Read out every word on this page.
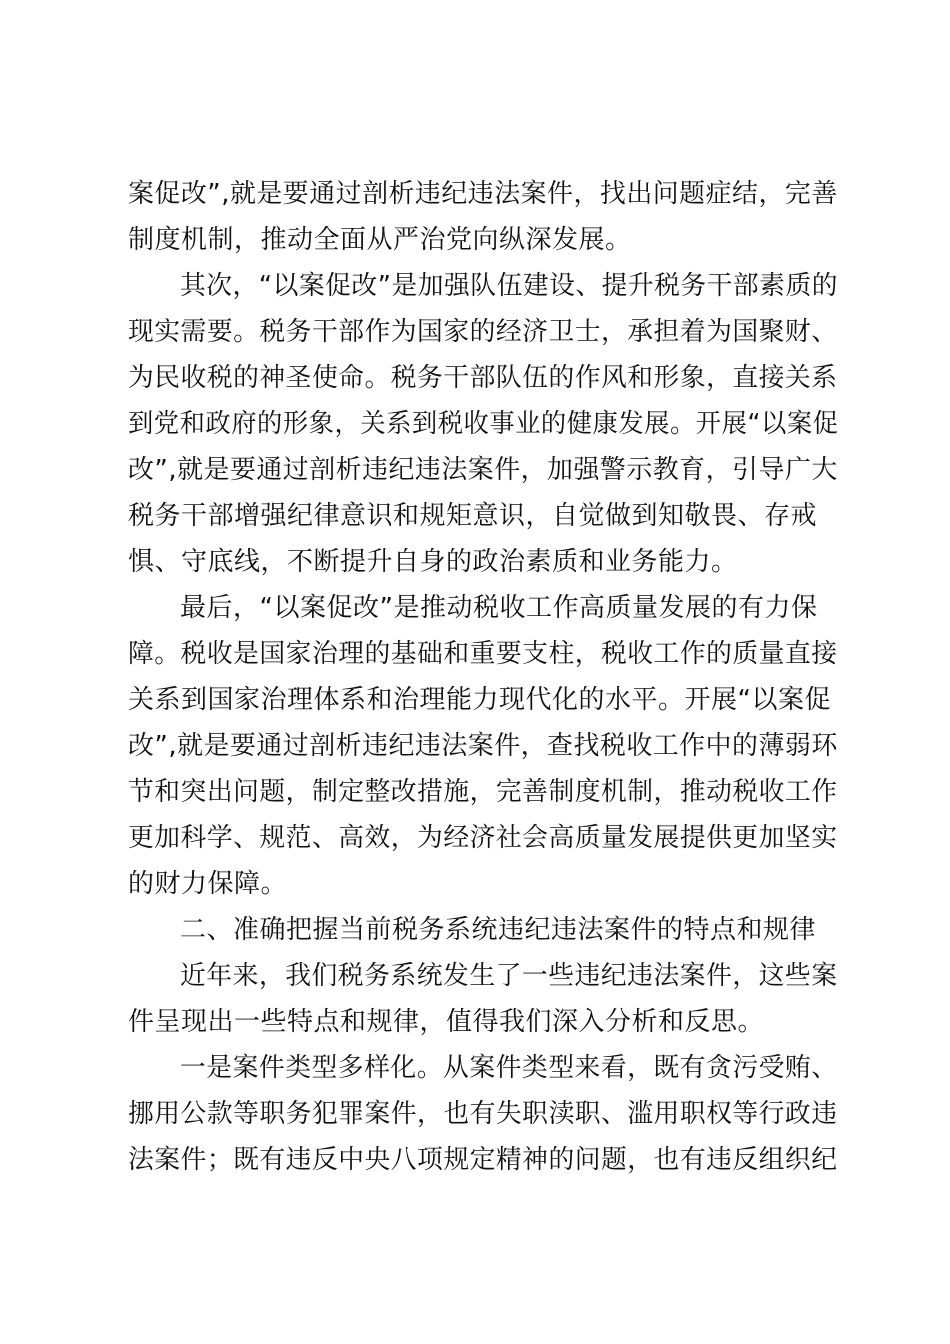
案促改”,就是要通过剖析违纪违法案件，找出问题症结，完善
制度机制，推动全面从严治党向纵深发展。
其次，“以案促改”是加强队伍建设、提升税务干部素质的
现实需要。税务干部作为国家的经济卫士，承担着为国聚财、
为民收税的神圣使命。税务干部队伍的作风和形象，直接关系
到党和政府的形象，关系到税收事业的健康发展。开展“以案促
改”,就是要通过剖析违纪违法案件，加强警示教育，引导广大
税务干部增强纪律意识和规矩意识，自觉做到知敬畏、存戒
惧、守底线，不断提升自身的政治素质和业务能力。
最后，“以案促改”是推动税收工作高质量发展的有力保
障。税收是国家治理的基础和重要支柱，税收工作的质量直接
关系到国家治理体系和治理能力现代化的水平。开展“以案促
改”,就是要通过剖析违纪违法案件，查找税收工作中的薄弱环
节和突出问题，制定整改措施，完善制度机制，推动税收工作
更加科学、规范、高效，为经济社会高质量发展提供更加坚实
的财力保障。
二、准确把握当前税务系统违纪违法案件的特点和规律
近年来，我们税务系统发生了一些违纪违法案件，这些案
件呈现出一些特点和规律，值得我们深入分析和反思。
一是案件类型多样化。从案件类型来看，既有贪污受贿、
挪用公款等职务犯罪案件，也有失职渎职、滥用职权等行政违
法案件；既有违反中央八项规定精神的问题，也有违反组织纪
